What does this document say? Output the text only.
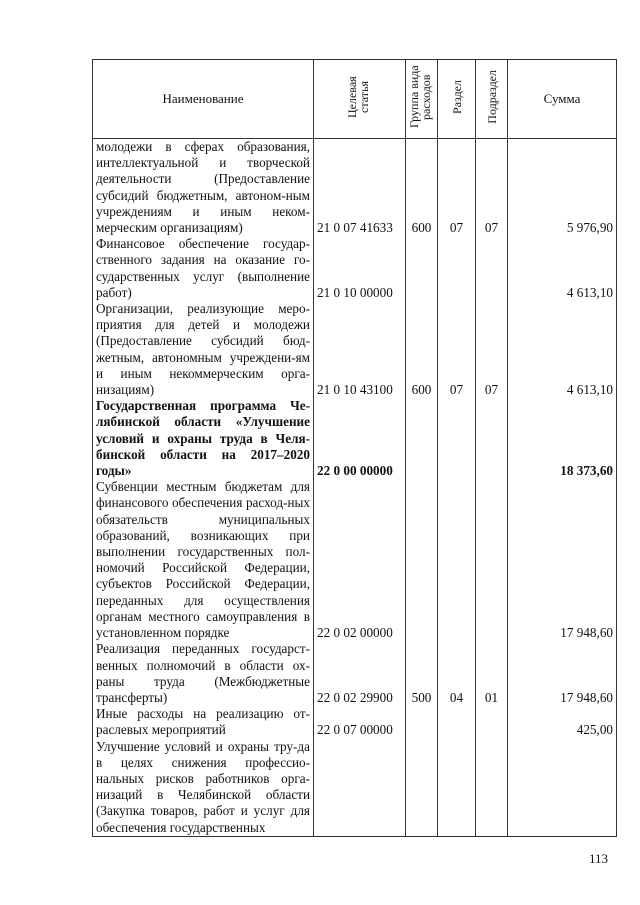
Наименование	Целевая статья	Группа вида расходов	Раздел	Подраздел	Сумма
молодежи в сферах образования, интеллектуальной и творческой деятельности (Предоставление субсидий бюджетным, автоном-ным учреждениям и иным неком-мерческим организациям)	21 0 07 41633	600	07	07	5 976,90
Финансовое обеспечение государ-ственного задания на оказание го-сударственных услуг (выполнение работ)	21 0 10 00000				4 613,10
Организации, реализующие меро-приятия для детей и молодежи (Предоставление субсидий бюд-жетным, автономным учреждени-ям и иным некоммерческим орга-низациям)	21 0 10 43100	600	07	07	4 613,10
Государственная программа Че-лябинской области «Улучшение условий и охраны труда в Челя-бинской области на 2017–2020 годы»	22 0 00 00000				18 373,60
Субвенции местным бюджетам для финансового обеспечения расход-ных обязательств муниципальных образований, возникающих при выполнении государственных пол-номочий Российской Федерации, субъектов Российской Федерации, переданных для осуществления органам местного самоуправления в установленном порядке	22 0 02 00000				17 948,60
Реализация переданных государст-венных полномочий в области ох-раны труда (Межбюджетные трансферты)	22 0 02 29900	500	04	01	17 948,60
Иные расходы на реализацию от-раслевых мероприятий	22 0 07 00000				425,00
Улучшение условий и охраны тру-да в целях снижения профессио-нальных рисков работников орга-низаций в Челябинской области (Закупка товаров, работ и услуг для обеспечения государственных					
113
